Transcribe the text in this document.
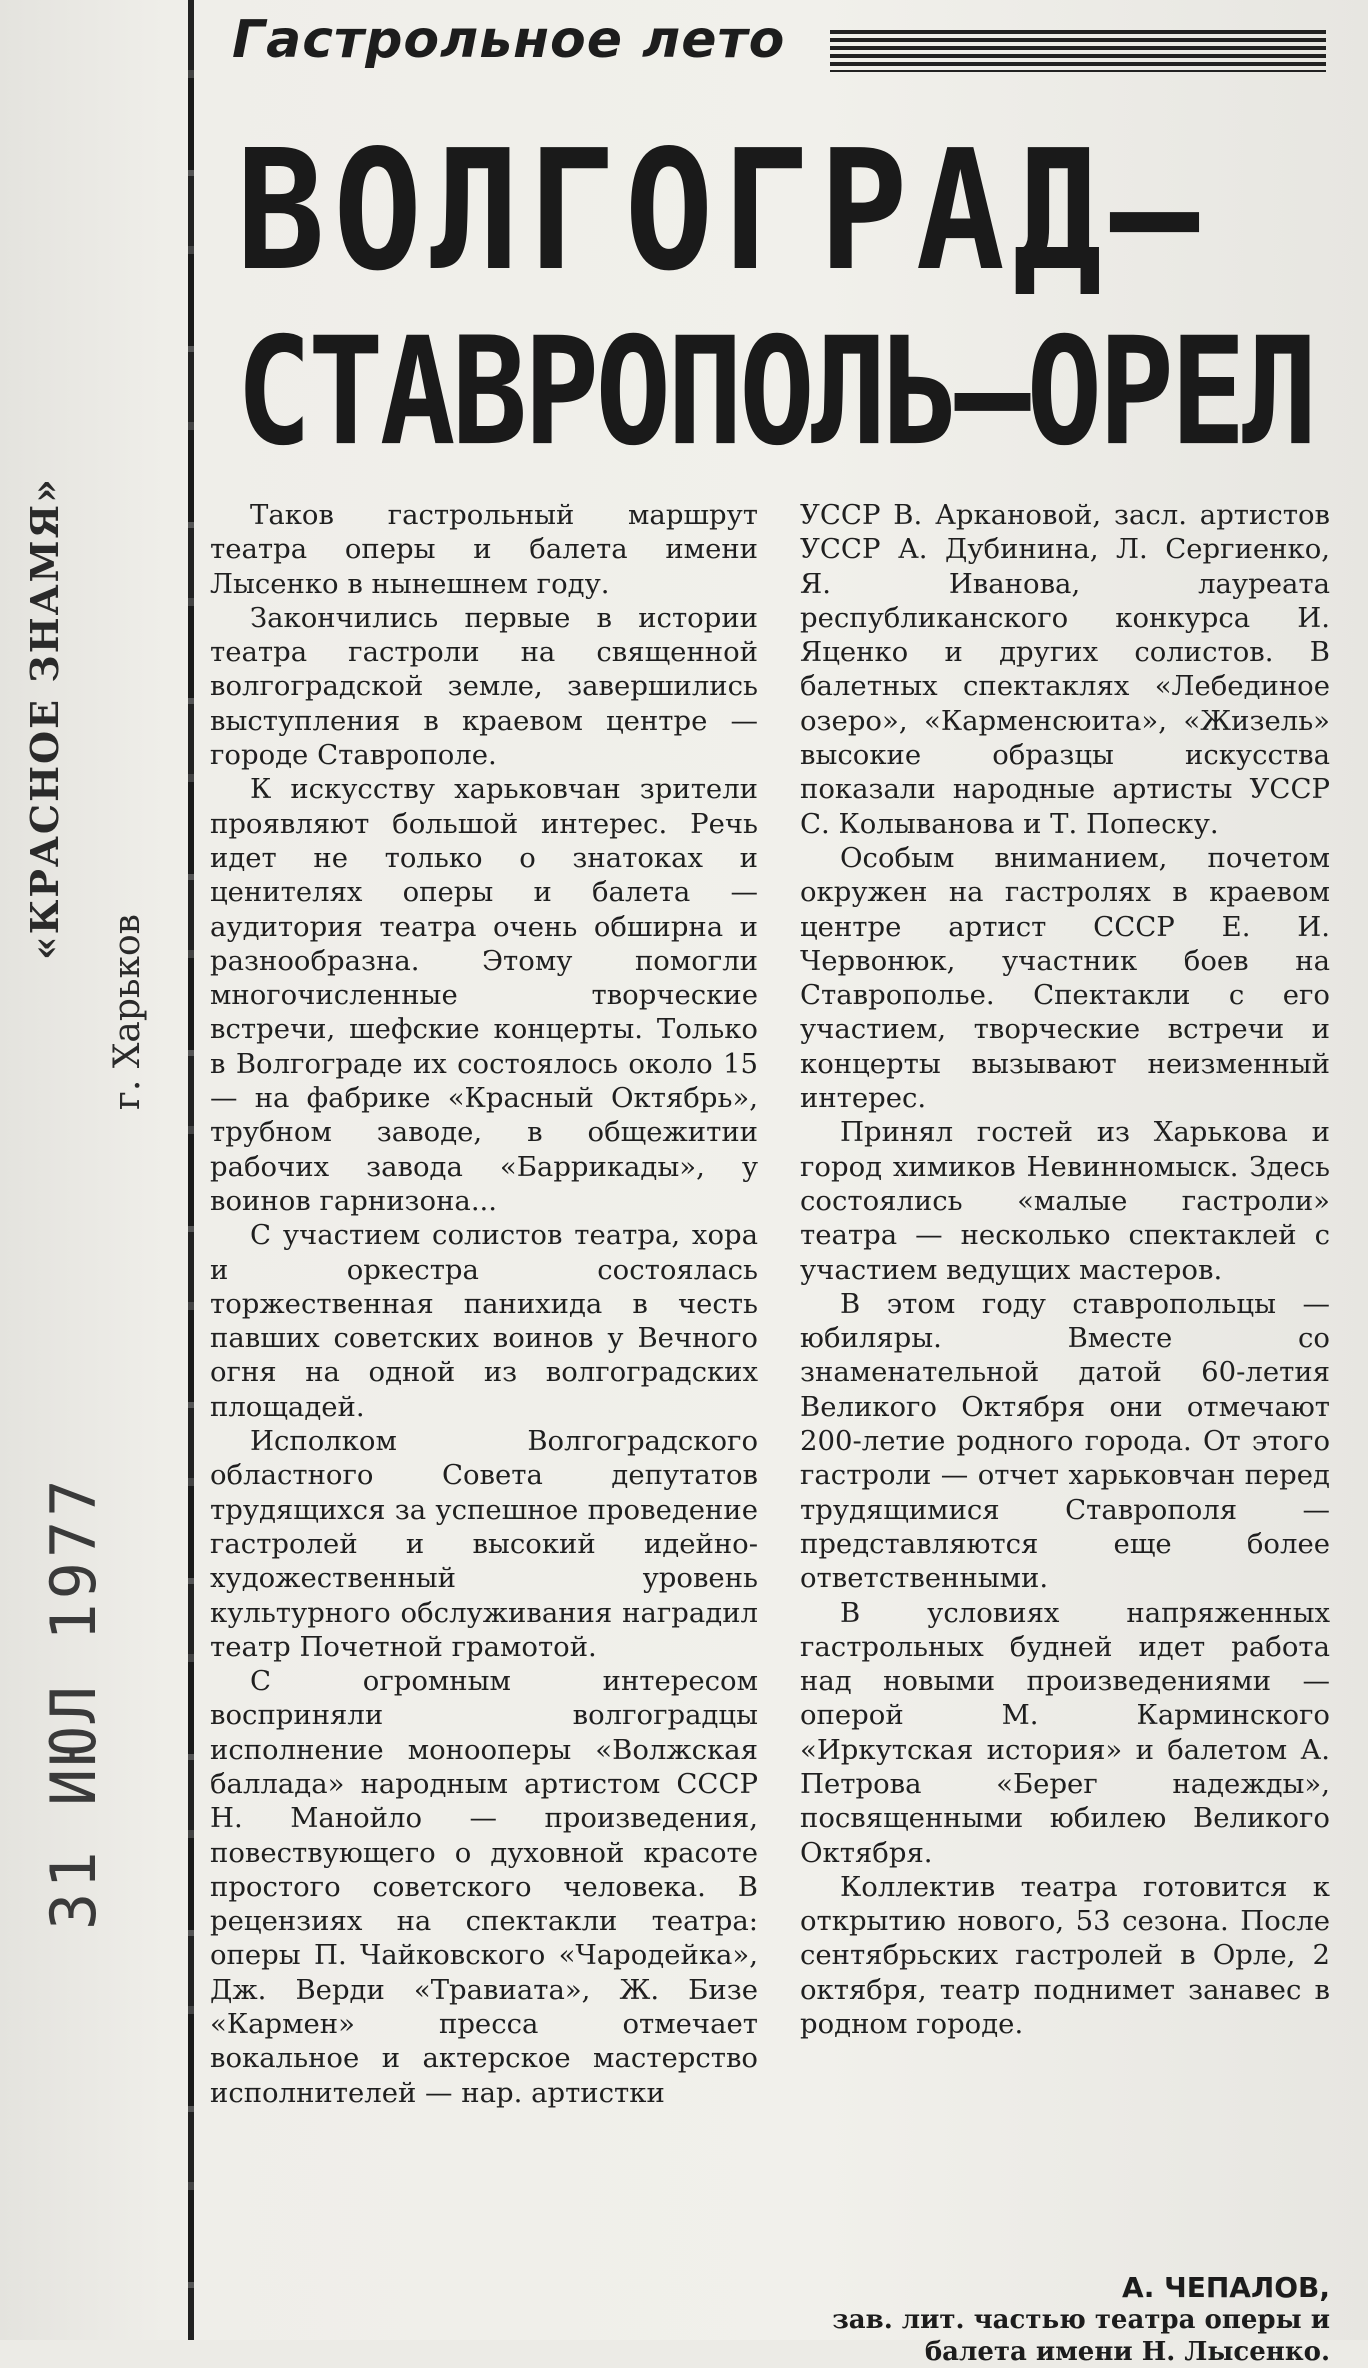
«КРАСНОЕ ЗНАМЯ»
г. Харьков
31 ИЮЛ 1977
Гастрольное лето
ВОЛГОГРАД—
СТАВРОПОЛЬ—ОРЕЛ

Таков гастрольный маршрут театра оперы и балета имени Лысенко в нынешнем году.

Закончились первые в истории театра гастроли на священной волгоградской земле, завершились выступления в краевом центре — городе Ставрополе.

К искусству харьковчан зрители проявляют большой интерес. Речь идет не только о знатоках и ценителях оперы и балета — аудитория театра очень обширна и разнообразна. Этому помогли многочисленные творческие встречи, шефские концерты. Только в Волгограде их состоялось около 15 — на фабрике «Красный Октябрь», трубном заводе, в общежитии рабочих завода «Баррикады», у воинов гарнизона...

С участием солистов театра, хора и оркестра состоялась торжественная панихида в честь павших советских воинов у Вечного огня на одной из волгоградских площадей.

Исполком Волгоградского областного Совета депутатов трудящихся за успешное проведение гастролей и высокий идейно-художественный уровень культурного обслуживания наградил театр Почетной грамотой.

С огромным интересом восприняли волгоградцы исполнение монооперы «Волжская баллада» народным артистом СССР Н. Манойло — произведения, повествующего о духовной красоте простого советского человека. В рецензиях на спектакли театра: оперы П. Чайковского «Чародейка», Дж. Верди «Травиата», Ж. Бизе «Кармен» пресса отмечает вокальное и актерское мастерство исполнителей — нар. артистки

УССР В. Аркановой, засл. артистов УССР А. Дубинина, Л. Сергиенко, Я. Иванова, лауреата республиканского конкурса И. Яценко и других солистов. В балетных спектаклях «Лебединое озеро», «Карменсюита», «Жизель» высокие образцы искусства показали народные артисты УССР С. Колыванова и Т. Попеску.

Особым вниманием, почетом окружен на гастролях в краевом центре артист СССР Е. И. Червонюк, участник боев на Ставрополье. Спектакли с его участием, творческие встречи и концерты вызывают неизменный интерес.

Принял гостей из Харькова и город химиков Невинномыск. Здесь состоялись «малые гастроли» театра — несколько спектаклей с участием ведущих мастеров.

В этом году ставропольцы — юбиляры. Вместе со знаменательной датой 60-летия Великого Октября они отмечают 200-летие родного города. От этого гастроли — отчет харьковчан перед трудящимися Ставрополя — представляются еще более ответственными.

В условиях напряженных гастрольных будней идет работа над новыми произведениями —оперой М. Карминского «Иркутская история» и балетом А. Петрова «Берег надежды», посвященными юбилею Великого Октября.

Коллектив театра готовится к открытию нового, 53 сезона. После сентябрьских гастролей в Орле, 2 октября, театр поднимет занавес в родном городе.

А. ЧЕПАЛОВ,
зав. лит. частью театра оперы и балета имени Н. Лысенко.
